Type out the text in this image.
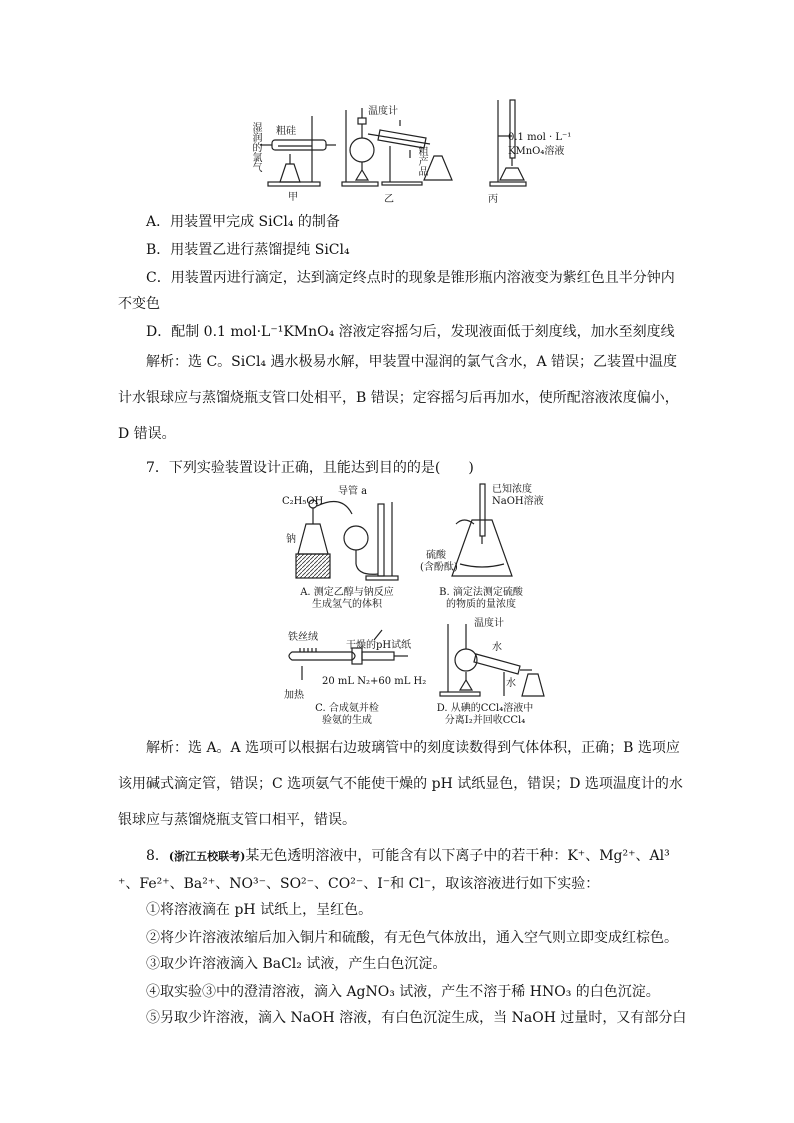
湿润的氯气 粗硅
温度计
粗产品
0.1 mol · L⁻¹
KMnO₄溶液
甲	乙	丙
A．用装置甲完成 SiCl₄ 的制备
B．用装置乙进行蒸馏提纯 SiCl₄
C．用装置丙进行滴定，达到滴定终点时的现象是锥形瓶内溶液变为紫红色且半分钟内
不变色
D．配制 0.1 mol·L⁻¹KMnO₄ 溶液定容摇匀后，发现液面低于刻度线，加水至刻度线
解析：选 C。SiCl₄ 遇水极易水解，甲装置中湿润的氯气含水，A 错误；乙装置中温度
计水银球应与蒸馏烧瓶支管口处相平，B 错误；定容摇匀后再加水，使所配溶液浓度偏小，
D 错误。
7．下列实验装置设计正确，且能达到目的的是(　　)
C₂H₅OH
导管 a
钠
A. 测定乙醇与钠反应
生成氢气的体积
已知浓度
NaOH溶液
硫酸
(含酚酞)
B. 滴定法测定硫酸
的物质的量浓度
铁丝绒
干燥的pH试纸
加热
20 mL N₂+60 mL H₂
C. 合成氨并检
验氨的生成
温度计
水
水
D. 从碘的CCl₄溶液中
分离I₂并回收CCl₄
解析：选 A。A 选项可以根据右边玻璃管中的刻度读数得到气体体积，正确；B 选项应
该用碱式滴定管，错误；C 选项氨气不能使干燥的 pH 试纸显色，错误；D 选项温度计的水
银球应与蒸馏烧瓶支管口相平，错误。
8．(浙江五校联考)某无色透明溶液中，可能含有以下离子中的若干种：K⁺、Mg²⁺、Al³
⁺、Fe²⁺、Ba²⁺、NO³⁻、SO²⁻、CO²⁻、I⁻和 Cl⁻，取该溶液进行如下实验：
①将溶液滴在 pH 试纸上，呈红色。
②将少许溶液浓缩后加入铜片和硫酸，有无色气体放出，通入空气则立即变成红棕色。
③取少许溶液滴入 BaCl₂ 试液，产生白色沉淀。
④取实验③中的澄清溶液，滴入 AgNO₃ 试液，产生不溶于稀 HNO₃ 的白色沉淀。
⑤另取少许溶液，滴入 NaOH 溶液，有白色沉淀生成，当 NaOH 过量时，又有部分白
